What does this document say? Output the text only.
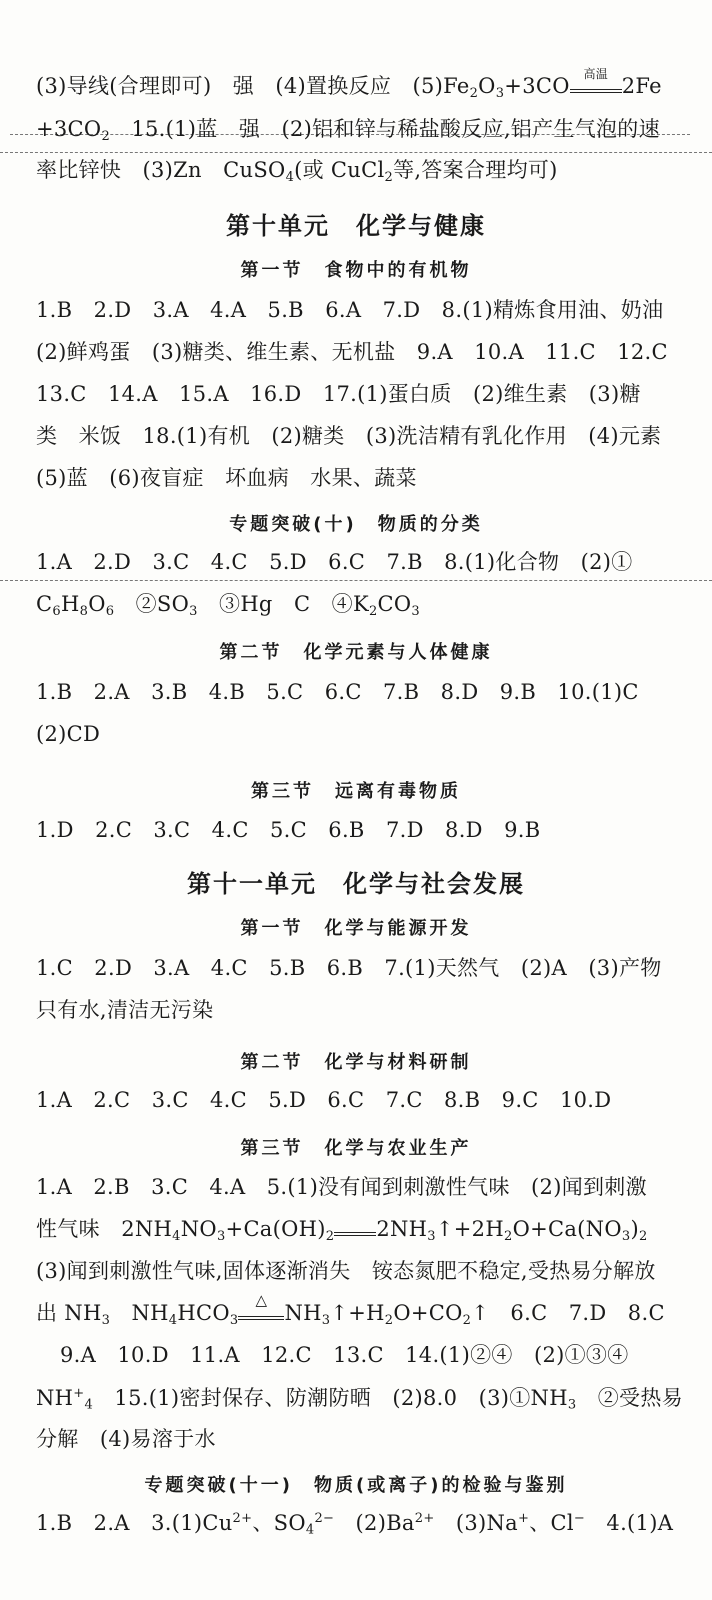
(3)导线(合理即可)　强　(4)置换反应　$(5)Fe_2O_3+3CO$	高温 2Fe
$+3CO_2$　15.(1)蓝　强　(2)铝和锌与稀盐酸反应,铝产生气泡的速
率比锌快　(3)Zn　CuSO$_4$(或 CuCl$_2$等,答案合理均可)
第十单元　化学与健康
第一节　食物中的有机物
1.B　2.D　3.A　4.A　5.B　6.A　7.D　8.(1)精炼食用油、奶油
(2)鲜鸡蛋　(3)糖类、维生素、无机盐　9.A　10.A　11.C　12.C
13.C　14.A　15.A　16.D　17.(1)蛋白质　(2)维生素　(3)糖
类　米饭　18.(1)有机　(2)糖类　(3)洗洁精有乳化作用　(4)元素
(5)蓝　(6)夜盲症　坏血病　水果、蔬菜
专题突破(十)　物质的分类
1.A　2.D　3.C　4.C　5.D　6.C　7.B　8.(1)化合物　(2)①
$C_6H_8O_6$　$②SO_3$　③Hg　C　$④K_2CO_3$
第二节　化学元素与人体健康
1.B　2.A　3.B　4.B　5.C　6.C　7.B　8.D　9.B　10.(1)C
(2)CD
第三节　远离有毒物质
1.D　2.C　3.C　4.C　5.C　6.B　7.D　8.D　9.B
第十一单元　化学与社会发展
第一节　化学与能源开发
1.C　2.D　3.A　4.C　5.B　6.B　7.(1)天然气　(2)A　(3)产物
只有水,清洁无污染
第二节　化学与材料研制
1.A　2.C　3.C　4.C　5.D　6.C　7.C　8.B　9.C　10.D
第三节　化学与农业生产
1.A　2.B　3.C　4.A　5.(1)没有闻到刺激性气味　(2)闻到刺激
性气味　$2NH_4NO_3+Ca(OH)_2$ $2NH_3↑+2H_2O+Ca(NO_3)_2$
(3)闻到刺激性气味,固体逐渐消失　铵态氮肥不稳定,受热易分解放
出 $NH_3$　$NH_4HCO_3$
△
$NH_3↑+H_2O+CO_2↑$　6.C　7.D　8.C
9.A　10.D　11.A　12.C　13.C　14.(1)②④　(2)①③④
$NH^+_4$　15.(1)密封保存、防潮防晒　(2)8.0　$(3)①NH_3$　②受热易
分解　(4)易溶于水
专题突破(十一)　物质(或离子)的检验与鉴别
1.B　2.A　$3.(1)Cu^{2+}$、$SO_4^{2-}$　$(2)Ba^{2+}$　(3)Na+、Cl−　4.(1)A
